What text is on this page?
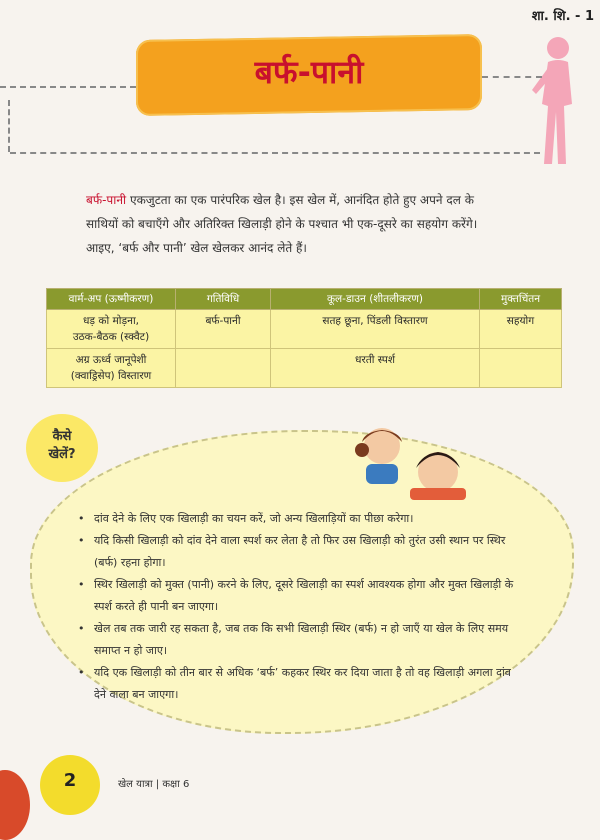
शा. शि. - 1
बर्फ-पानी
बर्फ-पानी एकजुटता का एक पारंपरिक खेल है। इस खेल में, आनंदित होते हुए अपने दल के
साथियों को बचाएँगे और अतिरिक्त खिलाड़ी होने के पश्चात भी एक-दूसरे का सहयोग करेंगे।
आइए, ‘बर्फ और पानी’ खेल खेलकर आनंद लेते हैं।
वार्म-अप (ऊष्मीकरण)	गतिविधि	कूल-डाउन (शीतलीकरण)	मुक्तचिंतन
धड़ को मोड़ना,
उठक-बैठक (स्क्वैट)	बर्फ-पानी	सतह छूना, पिंडली विस्तारण	सहयोग
अग्र ऊर्ध्व जानूपेशी
(क्वाड्रिसेप) विस्तारण		धरती स्पर्श	
कैसे
खेलें?
• दांव देने के लिए एक खिलाड़ी का चयन करें, जो अन्य खिलाड़ियों का पीछा करेगा।
• यदि किसी खिलाड़ी को दांव देने वाला स्पर्श कर लेता है तो फिर उस खिलाड़ी को तुरंत उसी स्थान पर स्थिर (बर्फ) रहना होगा।
• स्थिर खिलाड़ी को मुक्त (पानी) करने के लिए, दूसरे खिलाड़ी का स्पर्श आवश्यक होगा और मुक्त खिलाड़ी के स्पर्श करते ही पानी बन जाएगा।
• खेल तब तक जारी रह सकता है, जब तक कि सभी खिलाड़ी स्थिर (बर्फ) न हो जाएँ या खेल के लिए समय समाप्त न हो जाए।
• यदि एक खिलाड़ी को तीन बार से अधिक ‘बर्फ’ कहकर स्थिर कर दिया जाता है तो वह खिलाड़ी अगला दांव देने वाला बन जाएगा।
2	खेल यात्रा | कक्षा 6
